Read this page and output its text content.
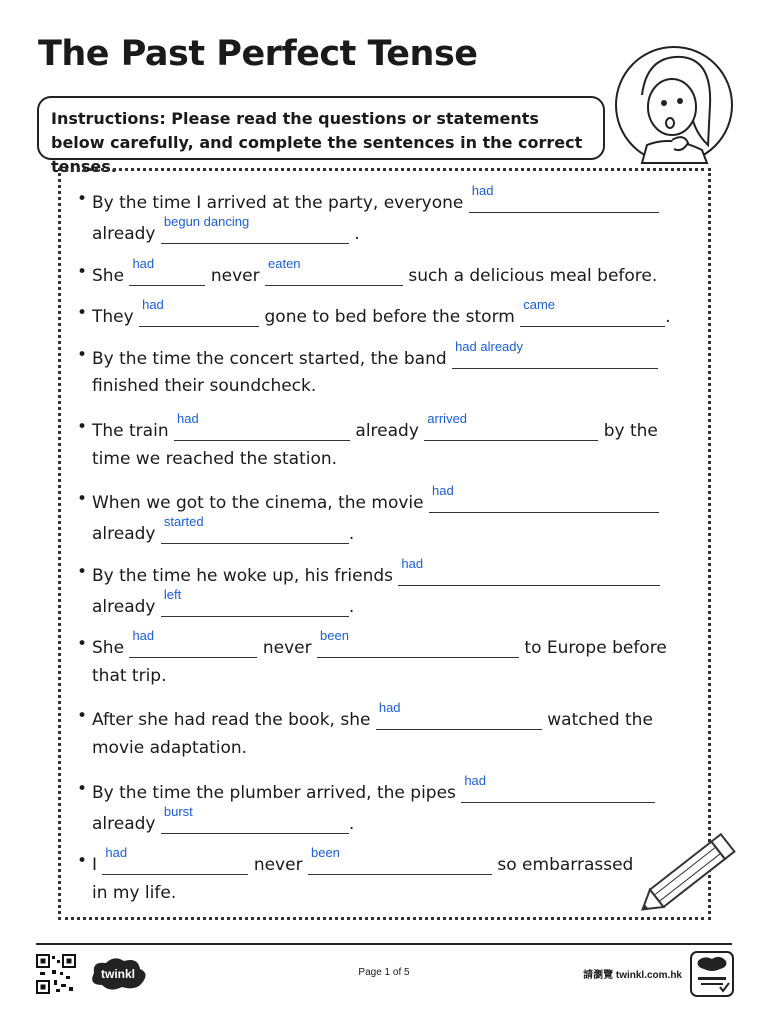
The Past Perfect Tense
Instructions: Please read the questions or statements below carefully, and complete the sentences in the correct tenses.
• By the time I arrived at the party, everyone
had
already
begun dancing
.
• She
had
never
eaten
such a delicious meal before.
• They
had
gone to bed before the storm
came
.
• By the time the concert started, the band
had already
finished their soundcheck.
• The train
had
already
arrived
by the
time we reached the station.
• When we got to the cinema, the movie
had
already
started
.
• By the time he woke up, his friends
had
already
left
.
• She
had
never
been
to Europe before
that trip.
• After she had read the book, she
had
watched the
movie adaptation.
• By the time the plumber arrived, the pipes
had
already
burst
.
• I
had
never
been
so embarrassed
in my life.
twinkl	Page 1 of 5	請瀏覽 twinkl.com.hk
